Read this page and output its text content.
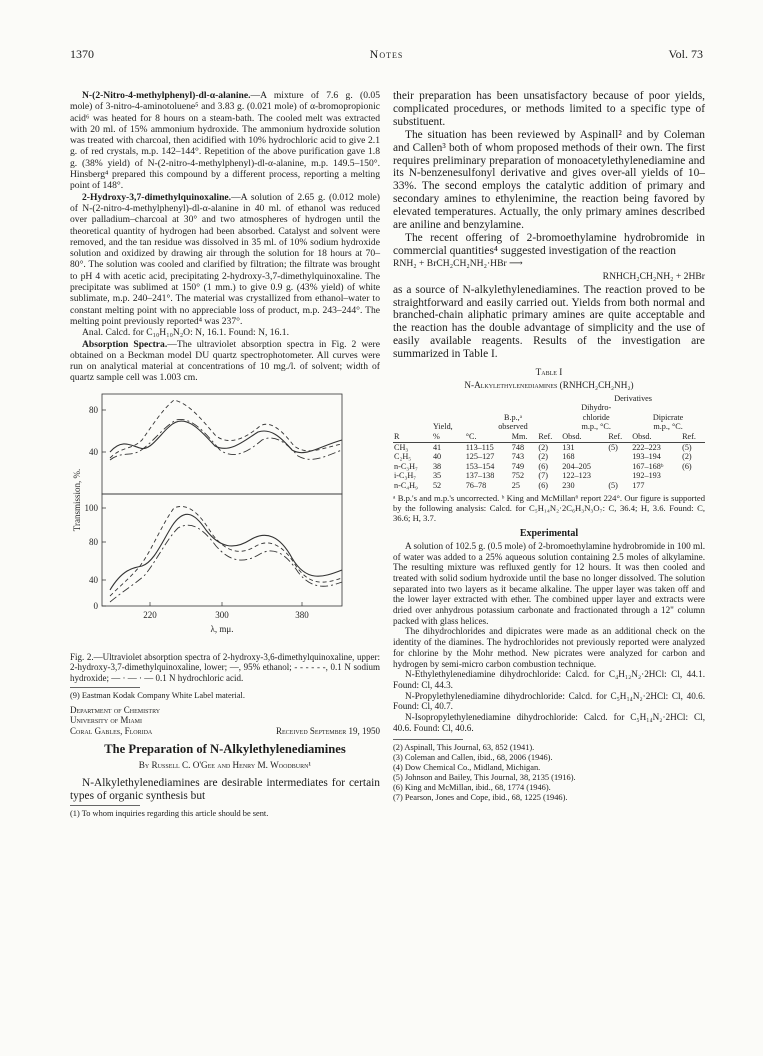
1370	Notes	Vol. 73

N-(2-Nitro-4-methylphenyl)-dl-α-alanine.—A mixture of 7.6 g. (0.05 mole) of 3-nitro-4-aminotoluene⁵ and 3.83 g. (0.021 mole) of α-bromopropionic acid⁶ was heated for 8 hours on a steam-bath. The cooled melt was extracted with 20 ml. of 15% ammonium hydroxide. The ammonium hydroxide solution was treated with charcoal, then acidified with 10% hydrochloric acid to give 2.1 g. of red crystals, m.p. 142–144°. Repetition of the above purification gave 1.8 g. (38% yield) of N-(2-nitro-4-methylphenyl)-dl-α-alanine, m.p. 149.5–150°. Hinsberg⁴ prepared this compound by a different process, reporting a melting point of 148°.

2-Hydroxy-3,7-dimethylquinoxaline.—A solution of 2.65 g. (0.012 mole) of N-(2-nitro-4-methylphenyl)-dl-α-alanine in 40 ml. of ethanol was reduced over palladium–charcoal at 30° and two atmospheres of hydrogen until the theoretical quantity of hydrogen had been absorbed. Catalyst and solvent were removed, and the tan residue was dissolved in 35 ml. of 10% sodium hydroxide solution and oxidized by drawing air through the solution for 18 hours at 70–80°. The solution was cooled and clarified by filtration; the filtrate was brought to pH 4 with acetic acid, precipitating 2-hydroxy-3,7-dimethylquinoxaline. The precipitate was sublimed at 150° (1 mm.) to give 0.9 g. (43% yield) of white sublimate, m.p. 240–241°. The material was crystallized from ethanol–water to constant melting point with no appreciable loss of product, m.p. 243–244°. The melting point previously reported⁴ was 237°.

Anal. Calcd. for C₁₀H₁₀N₂O: N, 16.1. Found: N, 16.1.

Absorption Spectra.—The ultraviolet absorption spectra in Fig. 2 were obtained on a Beckman model DU quartz spectrophotometer. All curves were run on analytical material at concentrations of 10 mg./l. of solvent; width of quartz sample cell was 1.003 cm.

80
40
100
80
40
0
220	300	380
λ, mμ.
Transmission, %.

Fig. 2.—Ultraviolet absorption spectra of 2-hydroxy-3,6-dimethylquinoxaline, upper: 2-hydroxy-3,7-dimethylquinoxaline, lower; —, 95% ethanol; - - - - - -, 0.1 N sodium hydroxide; — · — · — 0.1 N hydrochloric acid.

(9) Eastman Kodak Company White Label material.

Department of Chemistry
University of Miami
Coral Gables, Florida	Received September 19, 1950
The Preparation of N-Alkylethylenediamines
By Russell C. O'Gee and Henry M. Woodburn¹

N-Alkylethylenediamines are desirable intermediates for certain types of organic synthesis but

(1) To whom inquiries regarding this article should be sent.

their preparation has been unsatisfactory because of poor yields, complicated procedures, or methods limited to a specific type of substituent.

The situation has been reviewed by Aspinall² and by Coleman and Callen³ both of whom proposed methods of their own. The first requires preliminary preparation of monoacetylethylenediamine and its N-benzenesulfonyl derivative and gives over-all yields of 10–33%. The second employs the catalytic addition of primary and secondary amines to ethylenimine, the reaction being favored by elevated temperatures. Actually, the only primary amines described are aniline and benzylamine.

The recent offering of 2-bromoethylamine hydrobromide in commercial quantities⁴ suggested investigation of the reaction

RNH₂ + BrCH₂CH₂NH₂·HBr ⟶
RNHCH₂CH₂NH₂ + 2HBr

as a source of N-alkylethylenediamines. The reaction proved to be straightforward and easily carried out. Yields from both normal and branched-chain aliphatic primary amines are quite acceptable and the reaction has the double advantage of simplicity and the use of easily available reagents. Results of the investigation are summarized in Table I.

Table I
N-Alkylethylenediamines (RNHCH₂CH₂NH₂)
					Derivatives			
					Dihydro-			
		B.p.,ᵃ			chloride		Dipicrate	
	Yield,	observed			m.p., °C.		m.p., °C.	
R	%	°C.	Mm.	Ref.	Obsd.	Ref.	Obsd.	Ref.
CH₃	41	113–115	748	(2)	131	(5)	222–223	(5)
C₂H₅	40	125–127	743	(2)	168		193–194	(2)
n-C₃H₇	38	153–154	749	(6)	204–205		167–168ᵇ	(6)
i-C₃H₇	35	137–138	752	(7)	122–123		192–193	
n-C₄H₉	52	76–78	25	(6)	230	(5)	177	

ᵃ B.p.'s and m.p.'s uncorrected. ᵇ King and McMillan⁶ report 224°. Our figure is supported by the following analysis: Calcd. for C₅H₁₄N₂·2C₆H₃N₃O₇: C, 36.4; H, 3.6. Found: C, 36.6; H, 3.7.

Experimental

A solution of 102.5 g. (0.5 mole) of 2-bromoethylamine hydrobromide in 100 ml. of water was added to a 25% aqueous solution containing 2.5 moles of alkylamine. The resulting mixture was refluxed gently for 12 hours. It was then cooled and treated with solid sodium hydroxide until the base no longer dissolved. The solution separated into two layers as it became alkaline. The upper layer was taken off and the lower layer extracted with ether. The combined upper layer and extracts were dried over anhydrous potassium carbonate and fractionated through a 12" column packed with glass helices.

The dihydrochlorides and dipicrates were made as an additional check on the identity of the diamines. The hydrochlorides not previously reported were analyzed for chlorine by the Mohr method. New picrates were analyzed for carbon and hydrogen by semi-micro carbon combustion technique.

N-Ethylethylenediamine dihydrochloride: Calcd. for C₄H₁₂N₂·2HCl: Cl, 44.1. Found: Cl, 44.3.

N-Propylethylenediamine dihydrochloride: Calcd. for C₅H₁₄N₂·2HCl: Cl, 40.6. Found: Cl, 40.7.

N-Isopropylethylenediamine dihydrochloride: Calcd. for C₅H₁₄N₂·2HCl: Cl, 40.6. Found: Cl, 40.6.

(2) Aspinall, This Journal, 63, 852 (1941).
(3) Coleman and Callen, ibid., 68, 2006 (1946).
(4) Dow Chemical Co., Midland, Michigan.
(5) Johnson and Bailey, This Journal, 38, 2135 (1916).
(6) King and McMillan, ibid., 68, 1774 (1946).
(7) Pearson, Jones and Cope, ibid., 68, 1225 (1946).
